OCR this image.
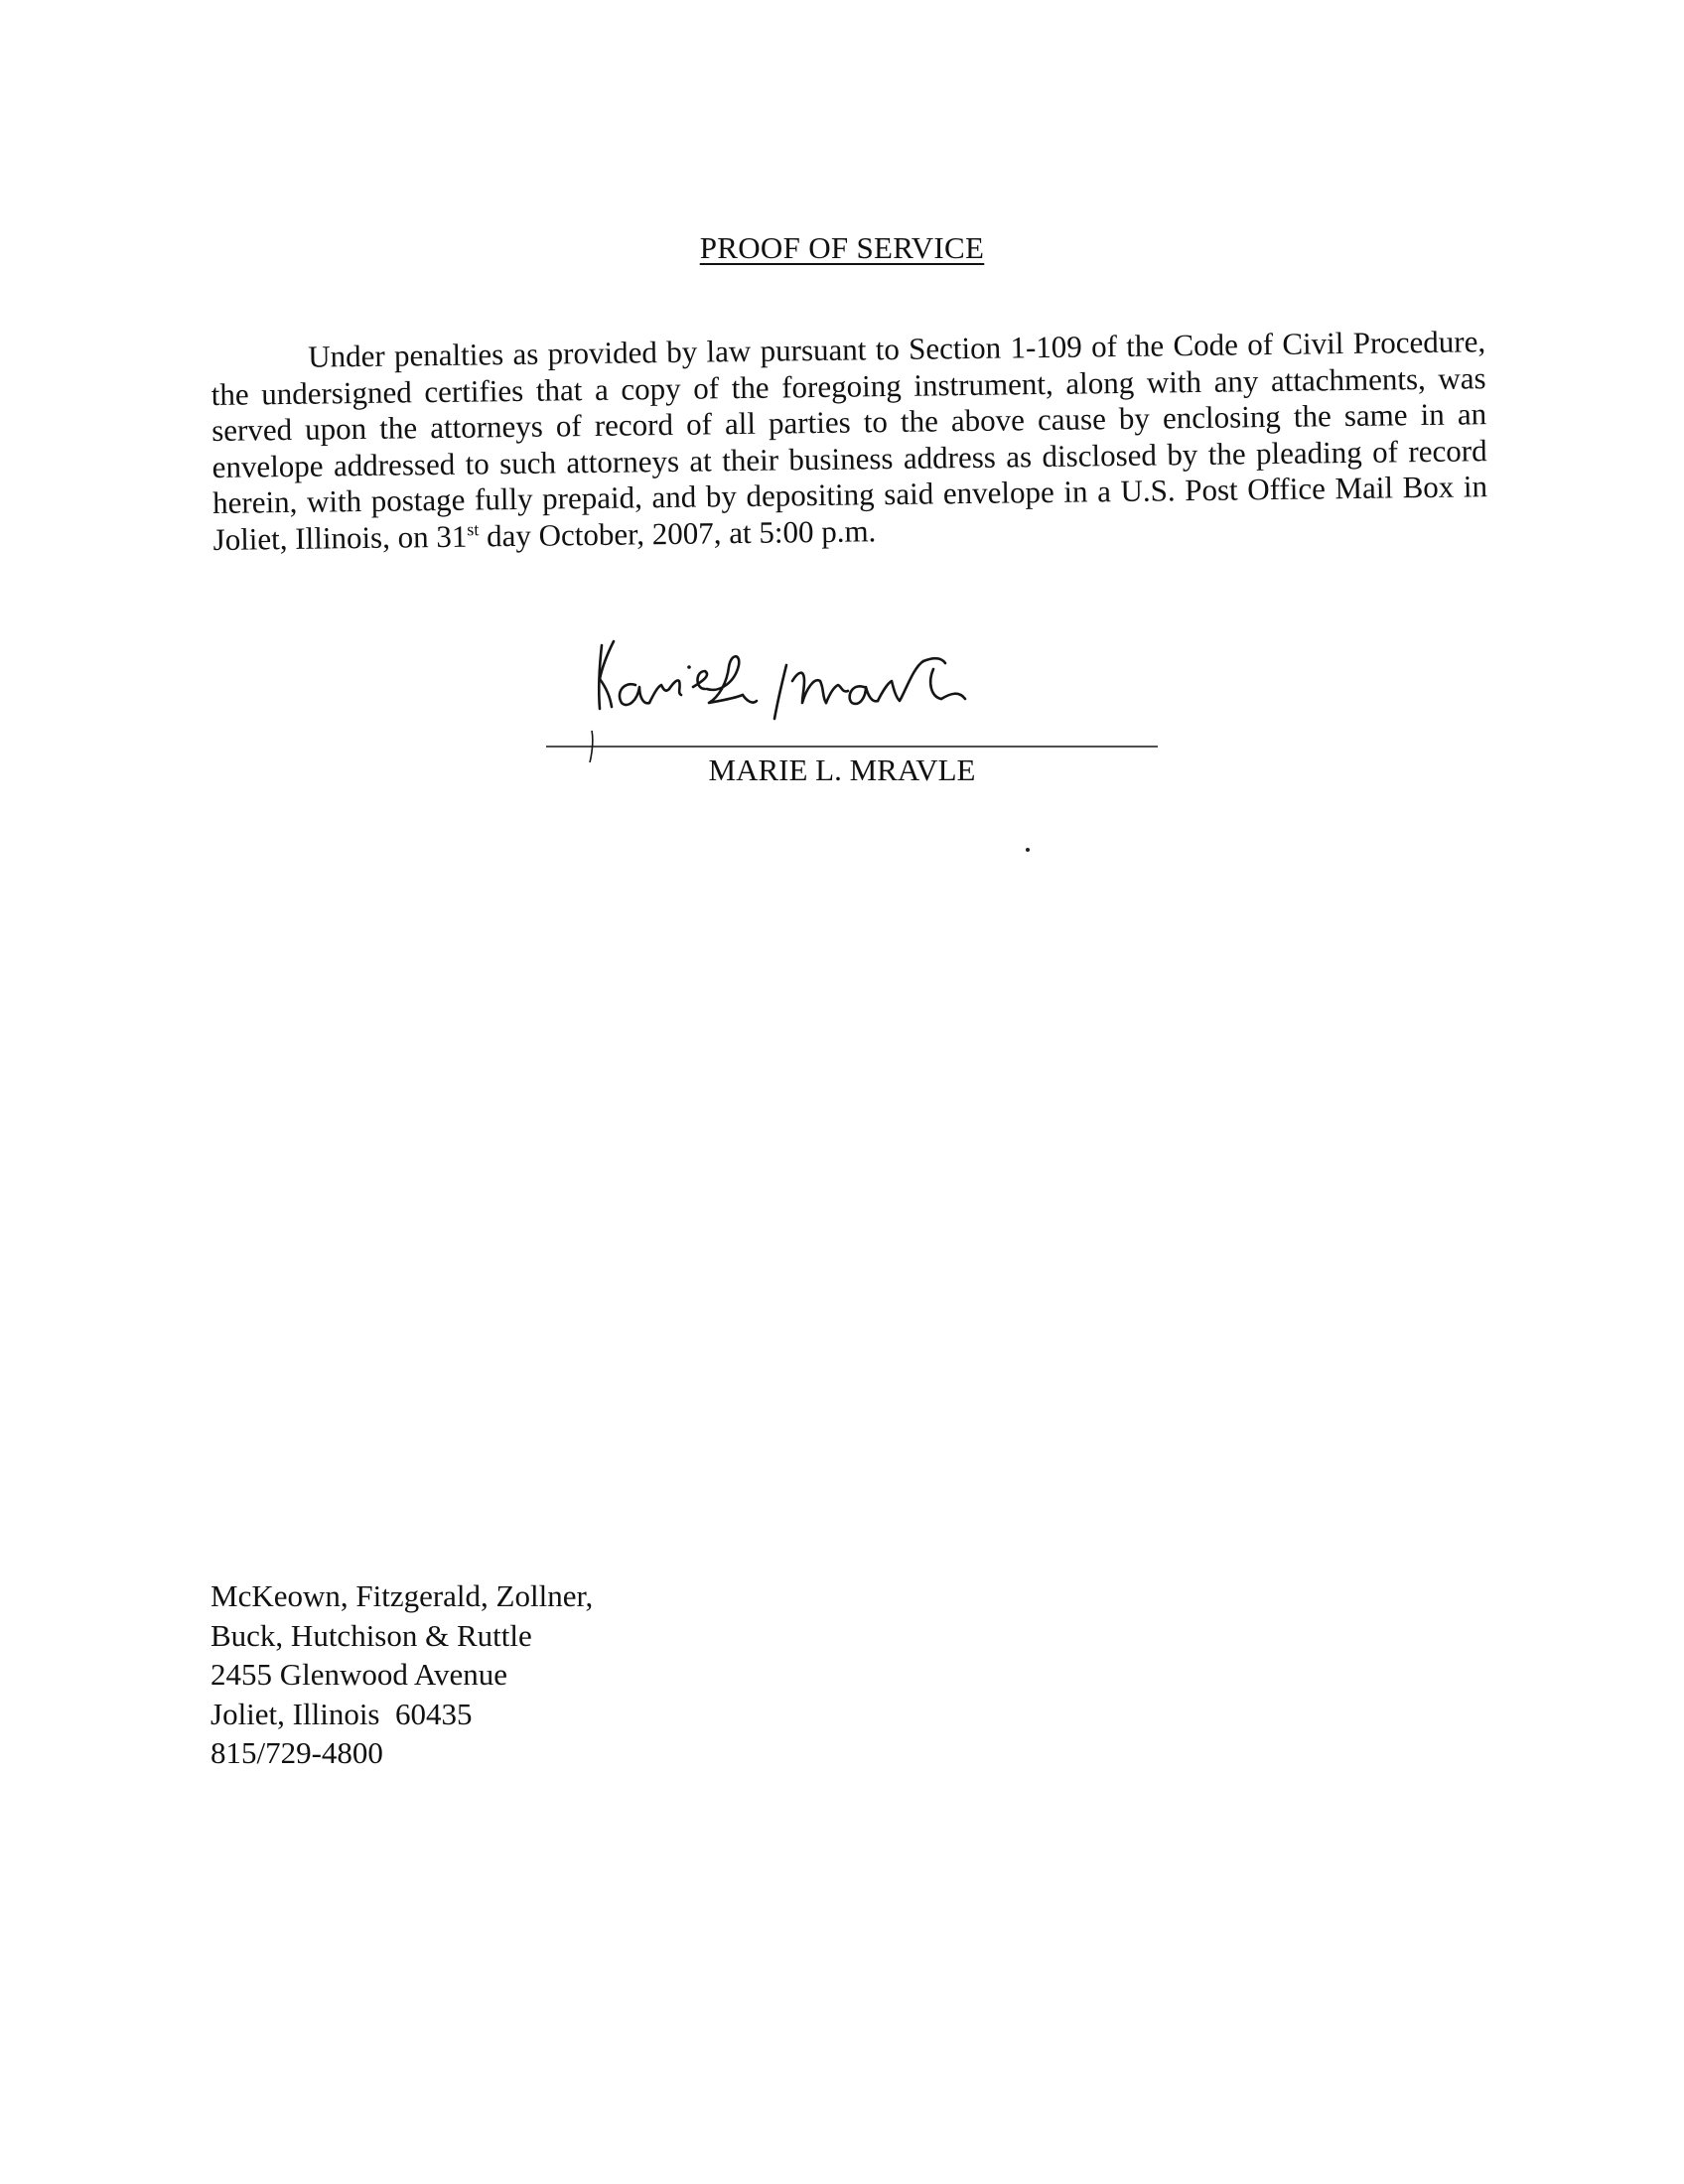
PROOF OF SERVICE

Under penalties as provided by law pursuant to Section 1-109 of the Code of Civil Procedure, the undersigned certifies that a copy of the foregoing instrument, along with any attachments, was served upon the attorneys of record of all parties to the above cause by enclosing the same in an envelope addressed to such attorneys at their business address as disclosed by the pleading of record herein, with postage fully prepaid, and by depositing said envelope in a U.S. Post Office Mail Box in Joliet, Illinois, on 31st day October, 2007, at 5:00 p.m.

MARIE L. MRAVLE
McKeown, Fitzgerald, Zollner,
Buck, Hutchison & Ruttle
2455 Glenwood Avenue
Joliet, Illinois  60435
815/729-4800
